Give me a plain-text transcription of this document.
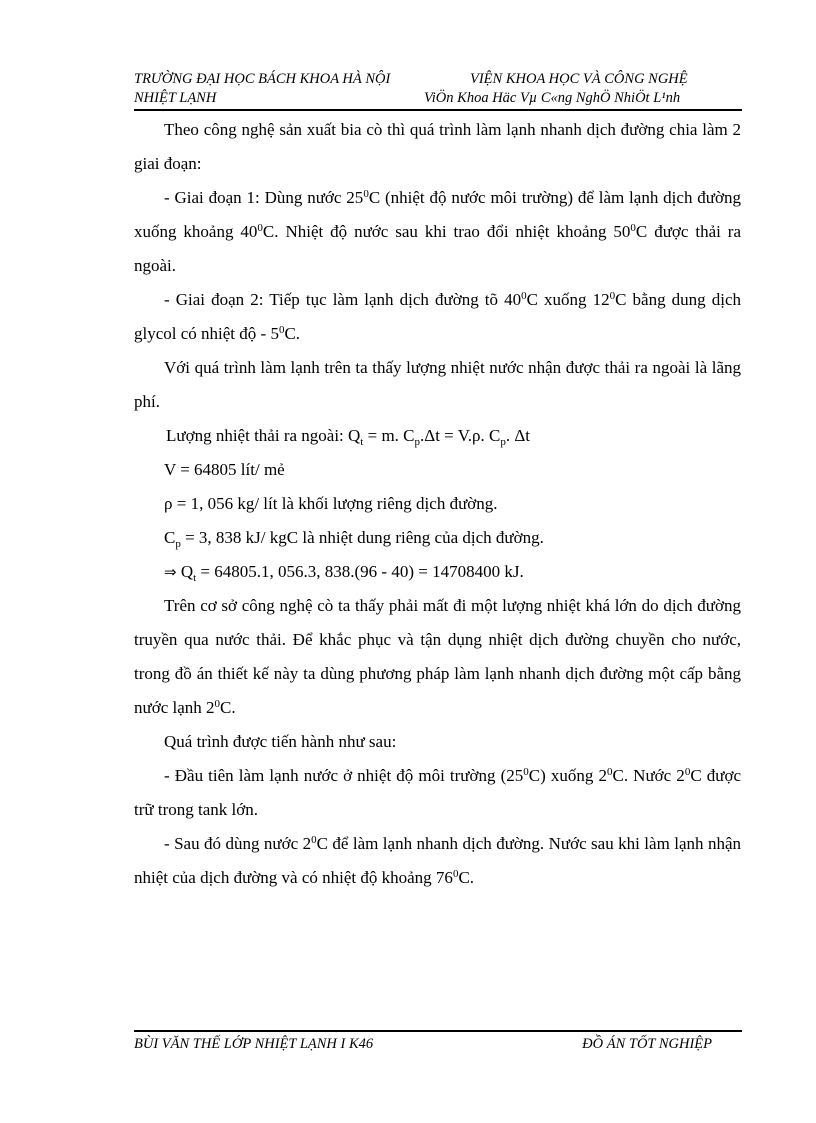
TRƯỜNG ĐẠI HỌC BÁCH KHOA HÀ NỘI
NHIỆT LẠNH
VIỆN KHOA HỌC VÀ CÔNG NGHỆ
ViÖn Khoa Häc Vµ C«ng NghÖ NhiÖt L¹nh

Theo công nghệ sản xuất bia cò thì quá trình làm lạnh nhanh dịch đường chia làm 2 giai đoạn:

- Giai đoạn 1: Dùng nước $25^0C$ (nhiệt độ nước môi trường) để làm lạnh dịch đường xuống khoảng $40^0C$. Nhiệt độ nước sau khi trao đổi nhiệt khoảng $50^0C$ được thải ra ngoài.

- Giai đoạn 2: Tiếp tục làm lạnh dịch đường tõ $40^0C$ xuống $12^0C$ bằng dung dịch glycol có nhiệt độ - $5^0C$.

Với quá trình làm lạnh trên ta thấy lượng nhiệt nước nhận được thải ra ngoài là lãng phí.

Lượng nhiệt thải ra ngoài: $Q_t = m$. $C_p.\Delta t = V.\rho$. $C_p$. Δt

V = 64805 lít/ mẻ

ρ = 1, 056 kg/ lít là khối lượng riêng dịch đường.

$C_p = 3$, 838 kJ/ kgC là nhiệt dung riêng của dịch đường.

⇒ $Q_t = 64805.1$, 056.3, 838.(96 - 40) = 14708400 kJ.

Trên cơ sở công nghệ cò ta thấy phải mất đi một lượng nhiệt khá lớn do dịch đường truyền qua nước thải. Để khắc phục và tận dụng nhiệt dịch đường chuyền cho nước, trong đồ án thiết kế này ta dùng phương pháp làm lạnh nhanh dịch đường một cấp bằng nước lạnh $2^0C$.

Quá trình được tiến hành như sau:

- Đầu tiên làm lạnh nước ở nhiệt độ môi trường $(25^0C)$ xuống $2^0C$. Nước $2^0C$ được trữ trong tank lớn.

- Sau đó dùng nước $2^0C$ để làm lạnh nhanh dịch đường. Nước sau khi làm lạnh nhận nhiệt của dịch đường và có nhiệt độ khoảng $76^0C$.

BÙI VĂN THẾ LỚP NHIỆT LẠNH I K46	ĐỒ ÁN TỐT NGHIỆP
